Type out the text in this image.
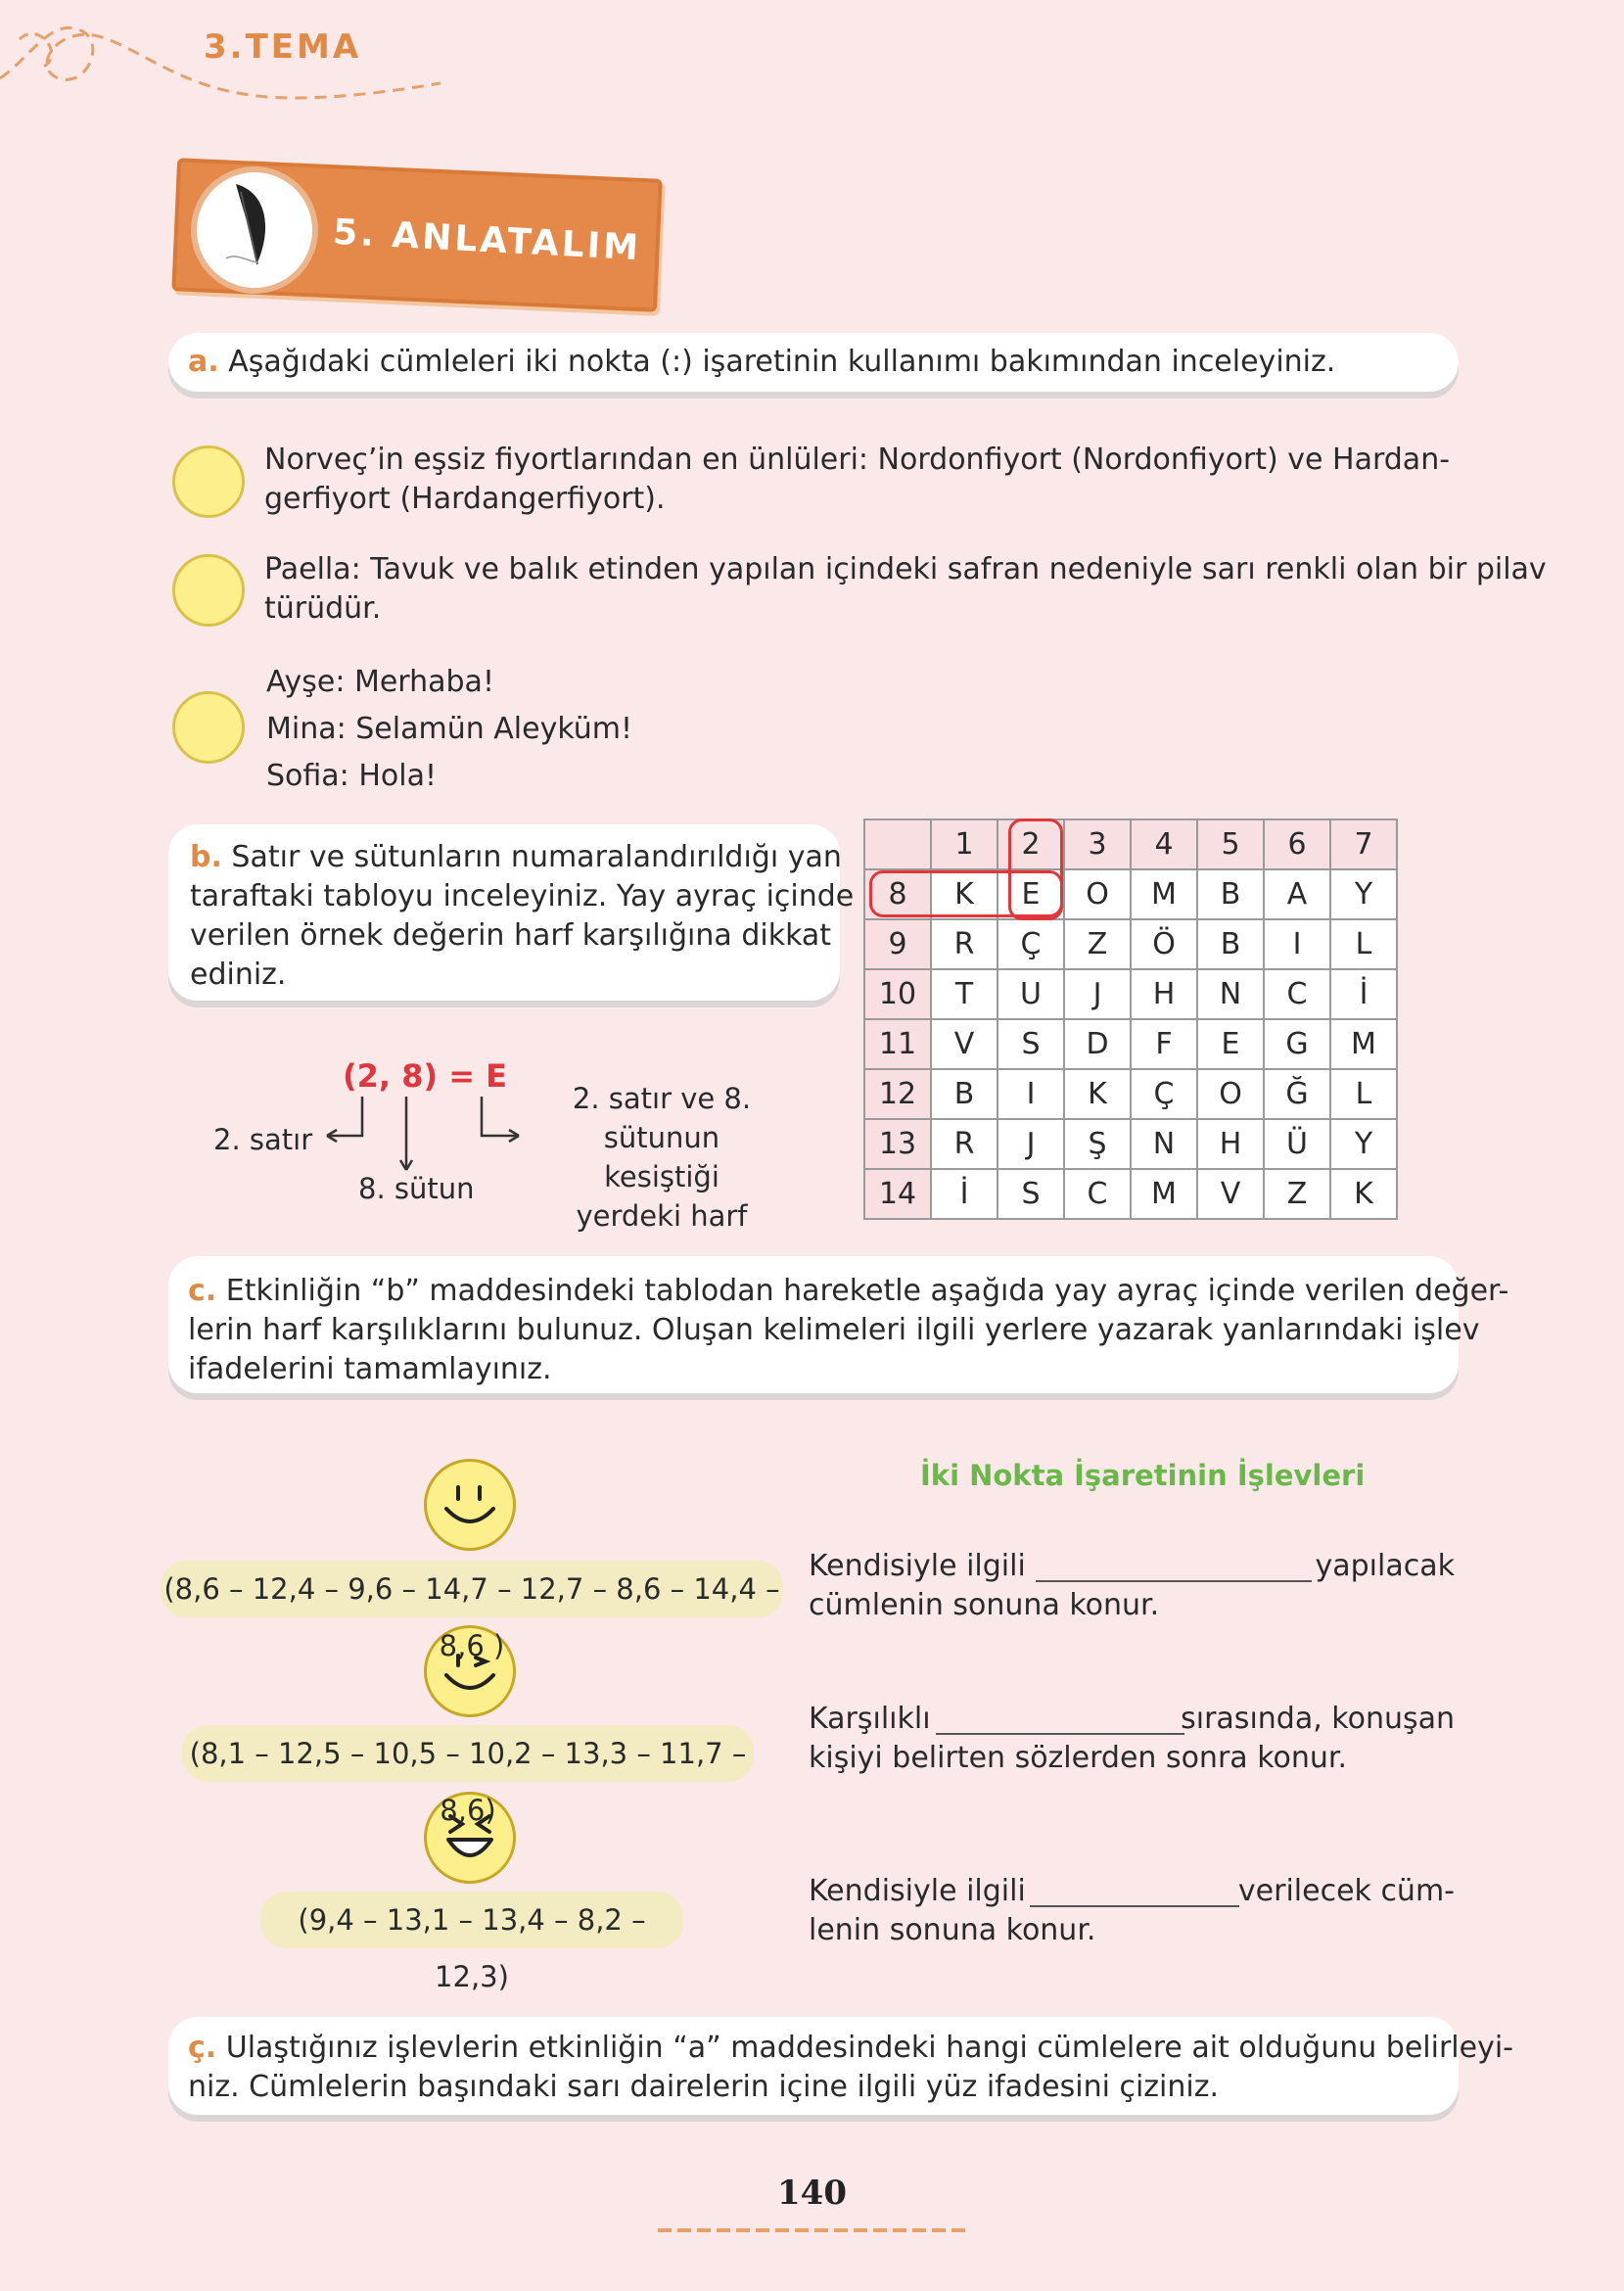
3.TEMA
5. ANLATALIM
a. Aşağıdaki cümleleri iki nokta (:) işaretinin kullanımı bakımından inceleyiniz.
Norveç’in eşsiz fiyortlarından en ünlüleri: Nordonfiyort (Nordonfiyort) ve Hardan-
gerfiyort (Hardangerfiyort).
Paella: Tavuk ve balık etinden yapılan içindeki safran nedeniyle sarı renkli olan bir pilav
türüdür.
Ayşe: Merhaba!
Mina: Selamün Aleyküm!
Sofia: Hola!
b. Satır ve sütunların numaralandırıldığı yan
taraftaki tabloyu inceleyiniz. Yay ayraç içinde
verilen örnek değerin harf karşılığına dikkat
ediniz.
(2, 8) = E
2. satır
8. sütun
2. satır ve 8.
sütunun kesiştiği
yerdeki harf
	1	2	3	4	5	6	7
8	K	E	O	M	B	A	Y
9	R	Ç	Z	Ö	B	I	L
10	T	U	J	H	N	C	İ
11	V	S	D	F	E	G	M
12	B	I	K	Ç	O	Ğ	L
13	R	J	Ş	N	H	Ü	Y
14	İ	S	C	M	V	Z	K
c. Etkinliğin “b” maddesindeki tablodan hareketle aşağıda yay ayraç içinde verilen değer-
lerin harf karşılıklarını bulunuz. Oluşan kelimeleri ilgili yerlere yazarak yanlarındaki işlev
ifadelerini tamamlayınız.
İki Nokta İşaretinin İşlevleri
(8,6 – 12,4 – 9,6 – 14,7 – 12,7 – 8,6 – 14,4 – 8,6 )
(8,1 – 12,5 – 10,5 – 10,2 – 13,3 – 11,7 – 8,6)
(9,4 – 13,1 – 13,4 – 8,2 – 12,3)
Kendisiyle ilgili	yapılacak
cümlenin sonuna konur.
Karşılıklı	sırasında, konuşan
kişiyi belirten sözlerden sonra konur.
Kendisiyle ilgili	verilecek cüm-
lenin sonuna konur.
ç. Ulaştığınız işlevlerin etkinliğin “a” maddesindeki hangi cümlelere ait olduğunu belirleyi-
niz. Cümlelerin başındaki sarı dairelerin içine ilgili yüz ifadesini çiziniz.
140
